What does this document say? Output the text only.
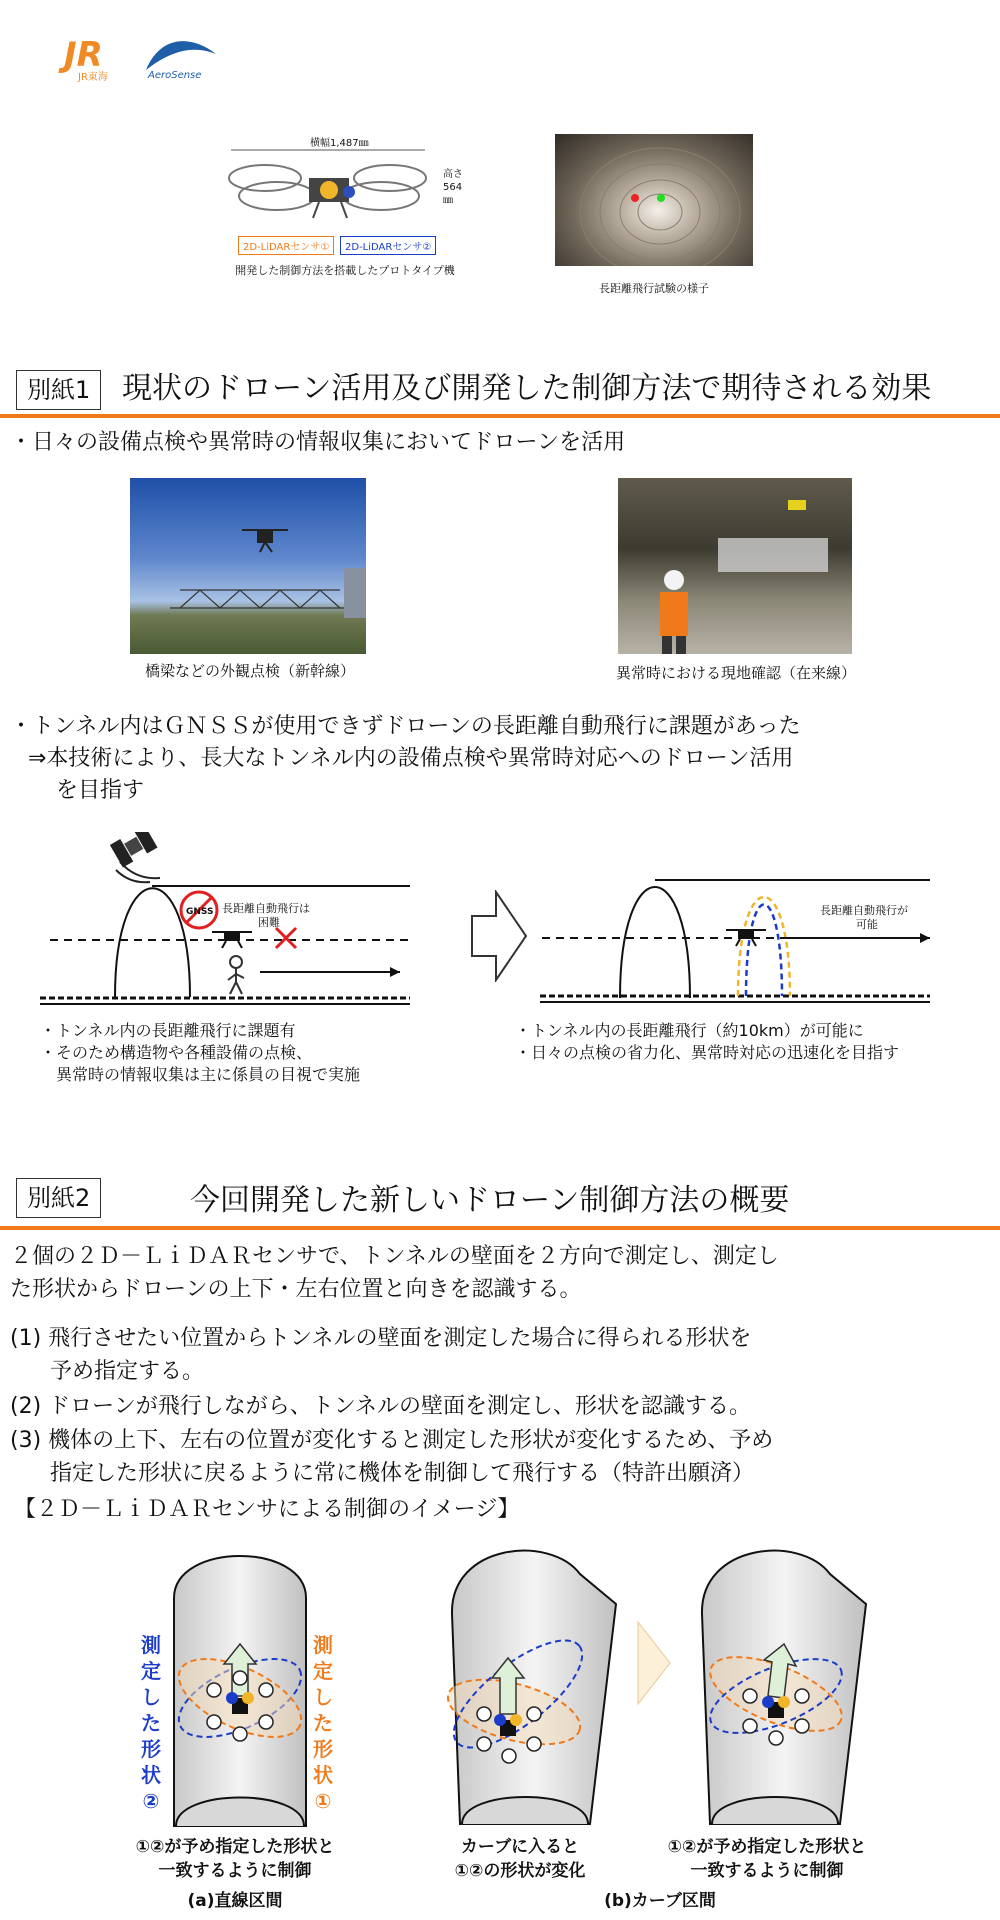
JR
JR東海	AeroSense
横幅1,487㎜
高さ 564 ㎜
2D-LiDARセンサ①	2D-LiDARセンサ②
開発した制御方法を搭載したプロトタイプ機
長距離飛行試験の様子
別紙1	現状のドローン活用及び開発した制御方法で期待される効果
・日々の設備点検や異常時の情報収集においてドローンを活用
橋梁などの外観点検（新幹線）	異常時における現地確認（在来線）
・トンネル内はＧＮＳＳが使用できずドローンの長距離自動飛行に課題があった
⇒本技術により、長大なトンネル内の設備点検や異常時対応へのドローン活用
を目指す
GNSS 長距離自動飛行は
困難
長距離自動飛行が
可能
・トンネル内の長距離飛行に課題有
・そのため構造物や各種設備の点検、
異常時の情報収集は主に係員の目視で実施
・トンネル内の長距離飛行（約10km）が可能に
・日々の点検の省力化、異常時対応の迅速化を目指す
別紙2	今回開発した新しいドローン制御方法の概要
２個の２Ｄ－ＬｉＤＡＲセンサで、トンネルの壁面を２方向で測定し、測定し
た形状からドローンの上下・左右位置と向きを認識する。
(1) 飛行させたい位置からトンネルの壁面を測定した場合に得られる形状を
予め指定する。
(2) ドローンが飛行しながら、トンネルの壁面を測定し、形状を認識する。
(3) 機体の上下、左右の位置が変化すると測定した形状が変化するため、予め
指定した形状に戻るように常に機体を制御して飛行する（特許出願済）
【２Ｄ－ＬｉＤＡＲセンサによる制御のイメージ】
測
定
し
た
形
状
②
測
定
し
た
形
状
①
①②が予め指定した形状と
一致するように制御
カーブに入ると
①②の形状が変化
①②が予め指定した形状と
一致するように制御
(a)直線区間	(b)カーブ区間
